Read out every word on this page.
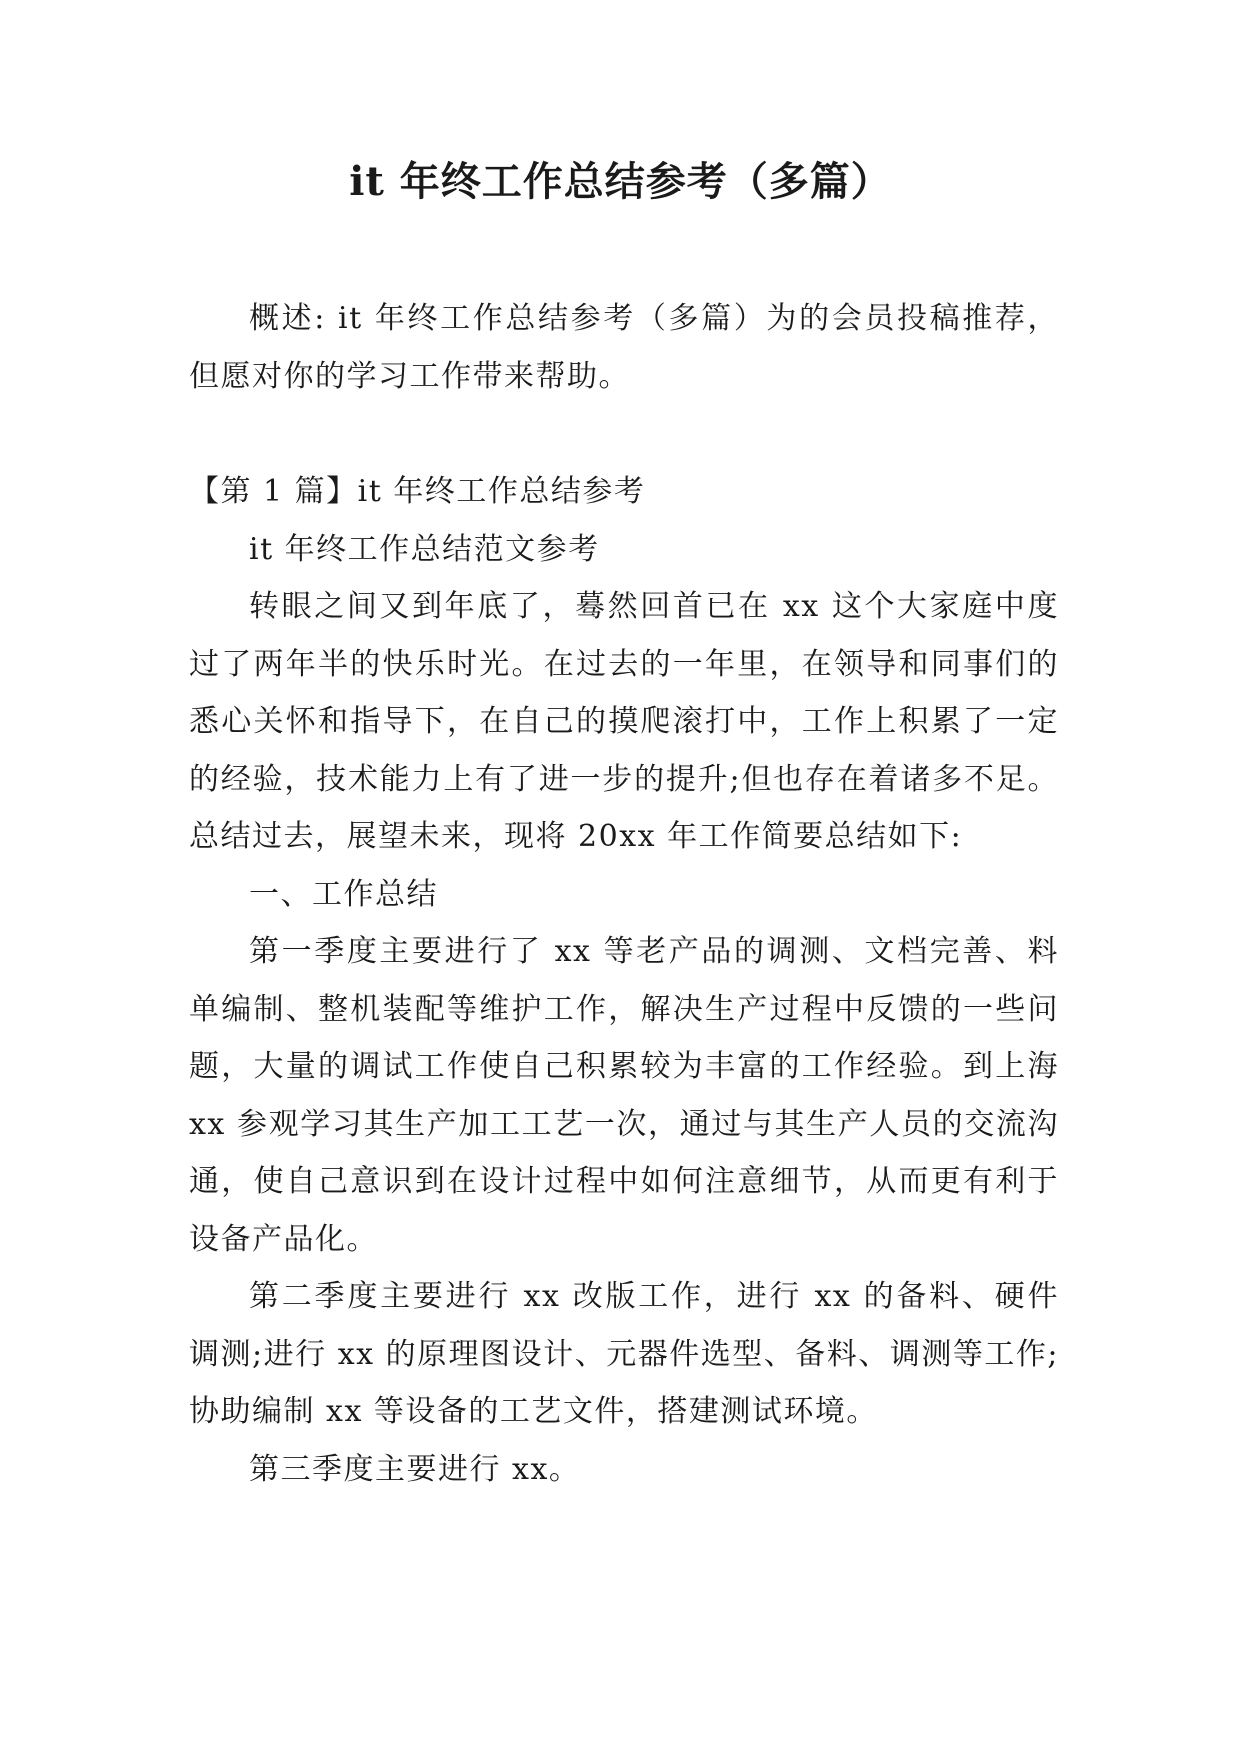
it 年终工作总结参考（多篇）

概述: it 年终工作总结参考（多篇）为的会员投稿推荐，但愿对你的学习工作带来帮助。

【第 1 篇】it 年终工作总结参考

it 年终工作总结范文参考

转眼之间又到年底了，蓦然回首已在 xx 这个大家庭中度过了两年半的快乐时光。在过去的一年里，在领导和同事们的悉心关怀和指导下，在自己的摸爬滚打中，工作上积累了一定的经验，技术能力上有了进一步的提升;但也存在着诸多不足。总结过去，展望未来，现将 20xx 年工作简要总结如下:

一、工作总结

第一季度主要进行了 xx 等老产品的调测、文档完善、料单编制、整机装配等维护工作，解决生产过程中反馈的一些问题，大量的调试工作使自己积累较为丰富的工作经验。到上海 xx 参观学习其生产加工工艺一次，通过与其生产人员的交流沟通，使自己意识到在设计过程中如何注意细节，从而更有利于设备产品化。

第二季度主要进行 xx 改版工作，进行 xx 的备料、硬件调测;进行 xx 的原理图设计、元器件选型、备料、调测等工作;协助编制 xx 等设备的工艺文件，搭建测试环境。

第三季度主要进行 xx。
